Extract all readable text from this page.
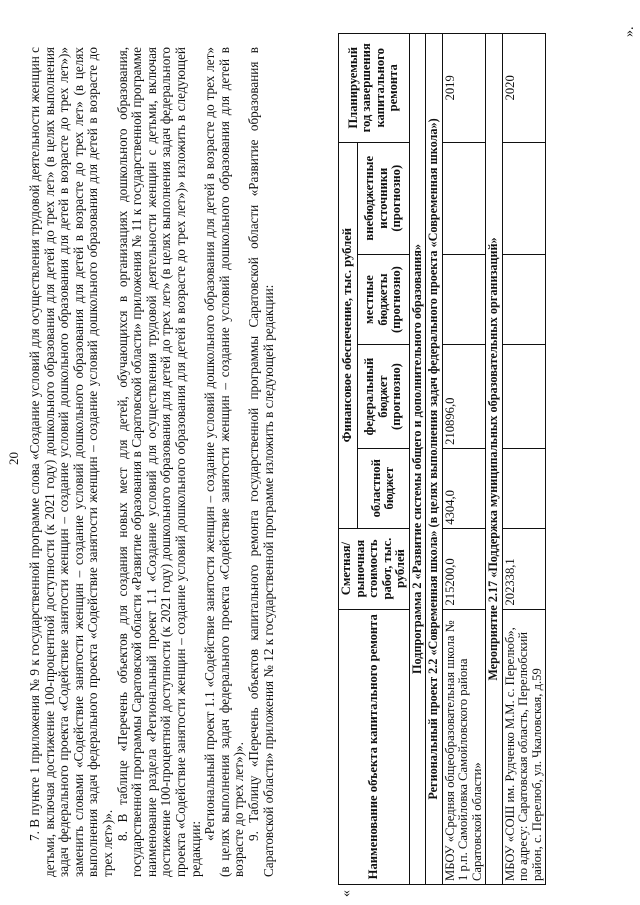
20 7. В пункте 1 приложения № 9 к государственной программе слова «Создание условий для осуществления трудовой деятельности женщин с детьми, включая достижение 100-процентной доступности (к 2021 году) дошкольного образования для детей до трех лет» (в целях выполнения задач федерального проекта «Содействие занятости женщин – создание условий дошкольного образования для детей в возрасте до трех лет»)» заменить словами «Содействие занятости женщин – создание условий дошкольного образования для детей в возрасте до трех лет» (в целях выполнения задач федерального проекта «Содействие занятости женщин – создание условий дошкольного образования для детей в возрасте до трех лет»)».

8. В таблице «Перечень объектов для создания новых мест для детей, обучающихся в организациях дошкольного образования, государственной программы Саратовской области «Развитие образования в Саратовской области» приложения № 11 к государственной программе наименование раздела «Региональный проект 1.1 «Создание условий для осуществления трудовой деятельности женщин с детьми, включая достижение 100-процентной доступности (к 2021 году) дошкольного образования для детей до трех лет» (в целях выполнения задач федерального проекта «Содействие занятости женщин – создание условий дошкольного образования для детей в возрасте до трех лет»)» изложить в следующей редакции:

«Региональный проект 1.1 «Содействие занятости женщин – создание условий дошкольного образования для детей в возрасте до трех лет» (в целях выполнения задач федерального проекта «Содействие занятости женщин – создание условий дошкольного образования для детей в возрасте до трех лет»)». 9. Таблицу «Перечень объектов капитального ремонта государственной программы Саратовской области «Развитие образования в Саратовской области» приложения № 12 к государственной программе изложить в следующей редакции:

«
Наименование объекта капитального ремонта	Сметная/ рыночная стоимость работ, тыс. рублей	Финансовое обеспечение, тыс. рублей				Планируемый год завершения капитального ремонта
		областной бюджет	федеральный бюджет (прогнозно)	местные бюджеты (прогнозно)	внебюджетные источники (прогнозно)	
Подпрограмма 2 «Развитие системы общего и дополнительного образования»						
Региональный проект 2.2 «Современная школа» (в целях выполнения задач федерального проекта «Современная школа»)						
МБОУ «Средняя общеобразовательная школа № 1 р.п. Самойловка Самойловского района Саратовской области»	215200,0	4304,0	210896,0			2019
Мероприятие 2.17 «Поддержка муниципальных образовательных организаций»						
МБОУ «СОШ им. Рудченко М.М. с. Перелюб», по адресу: Саратовская область, Перелюбский район, с. Перелюб, ул. Чкаловская, д.59	202338,1					2020
».
